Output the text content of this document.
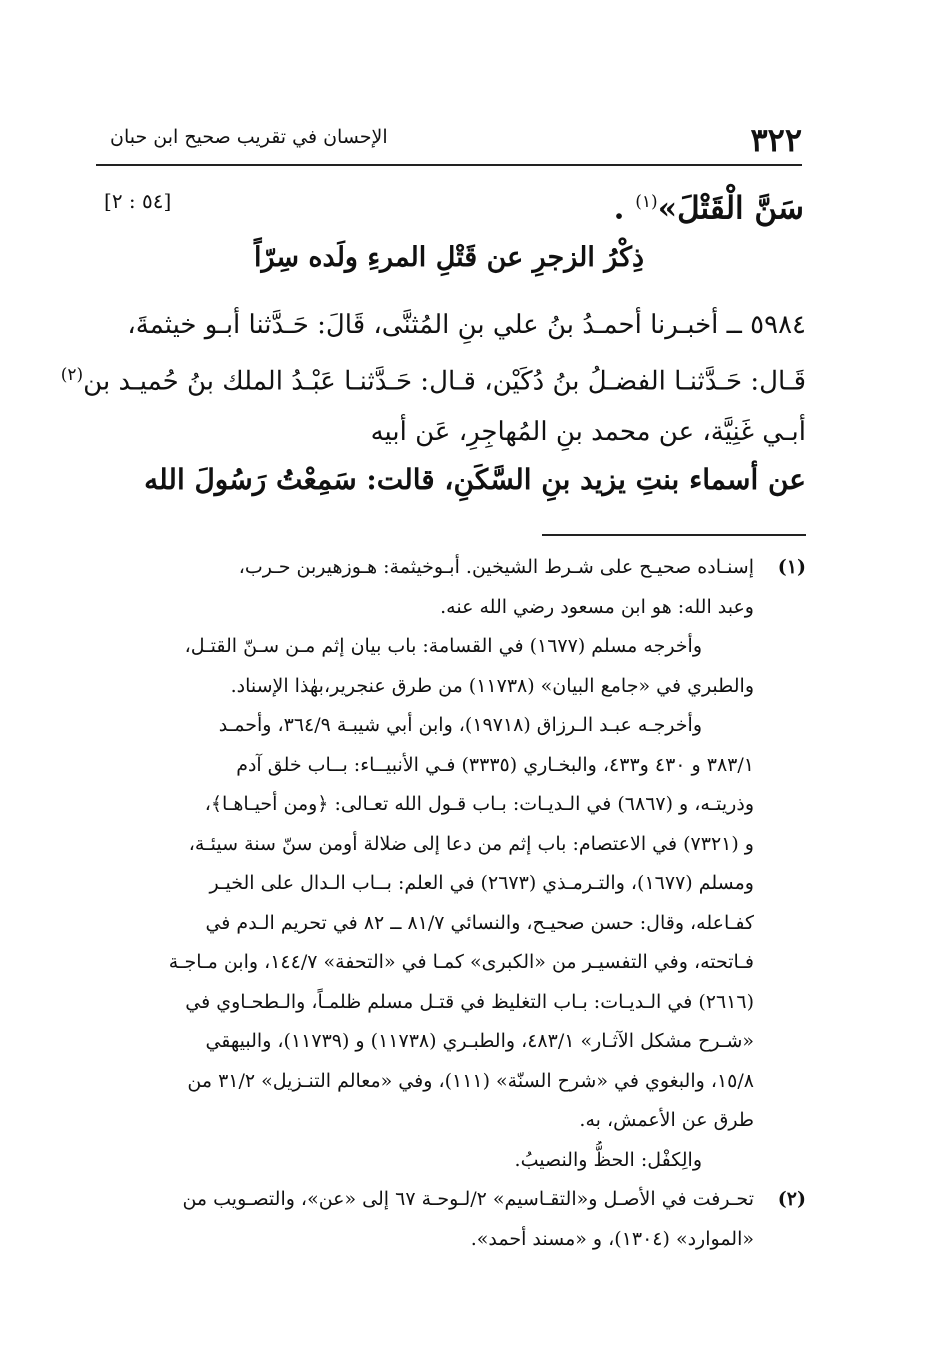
٣٢٢
الإحسان في تقريب صحيح ابن حبان
سَنَّ الْقَتْلَ»$^{(١)}$ .
[٥٤ : ٢]
ذِكْرُ الزجرِ عن قَتْلِ المرءِ ولَده سِرّاً

٥٩٨٤ ــ أخبـرنا أحمـدُ بنُ علي بنِ المُثنَّى، قَالَ: حَـدَّثنا أبـو خيثمةَ،

قَـال: حَـدَّثنـا الفضـلُ بنُ دُكَيْن، قـال: حَـدَّثنـا عَبْـدُ الملك بنُ حُميـد بن$^{(٢)}$

أبـي غَنِيَّة، عن محمد بنِ المُهاجِرِ، عَن أبيه

عن أسماء بنتِ يزيد بنِ السَّكَنِ، قالت: سَمِعْتُ رَسُولَ الله
(١)
إسنـاده صحيـح على شـرط الشيخين. أبـوخيثمة: هـوزهيربن حـرب،
وعبد الله: هو ابن مسعود رضي الله عنه.
وأخرجه مسلم (١٦٧٧) في القسامة: باب بيان إثم مـن سـنّ القتـل،
والطبري في «جامع البيان» (١١٧٣٨) من طرق عنجرير،بهٰذا الإسناد.
وأخرجـه عبـد الـرزاق (١٩٧١٨)، وابن أبي شيبـة ٣٦٤/٩، وأحمـد
٣٨٣/١ و ٤٣٠ و٤٣٣، والبخـاري (٣٣٣٥) فـي الأنبيــاء: بــاب خلق آدم
وذريتـه، و (٦٨٦٧) في الـديـات: بـاب قـول الله تعـالى: ﴿ومن أحيـاهـا﴾،
و (٧٣٢١) في الاعتصام: باب إثم من دعا إلى ضلالة أومن سنّ سنة سيئـة،
ومسلم (١٦٧٧)، والتـرمـذي (٢٦٧٣) في العلم: بــاب الـدال على الخيـر
كفـاعله، وقال: حسن صحيـح، والنسائي ٨١/٧ ــ ٨٢ في تحريم الـدم في
فـاتحته، وفي التفسيـر من «الكبرى» كمـا في «التحفة» ١٤٤/٧، وابن مـاجـة
(٢٦١٦) في الـديـات: بـاب التغليظ في قتـل مسلم ظلمـاً، والـطحـاوي في
«شـرح مشكل الآثـار» ٤٨٣/١، والطبـري (١١٧٣٨) و (١١٧٣٩)، والبيهقي
١٥/٨، والبغوي في «شرح السنّة» (١١١)، وفي «معالم التنـزيل» ٣١/٢ من
طرق عن الأعمش، به.
والِكفْل: الحظُّ والنصيبُ.
(٢)
تحـرفت في الأصـل و«التقـاسيم» ٢/لـوحـة ٦٧ إلى «عن»، والتصـويب من
«الموارد» (١٣٠٤)، و «مسند أحمد».
